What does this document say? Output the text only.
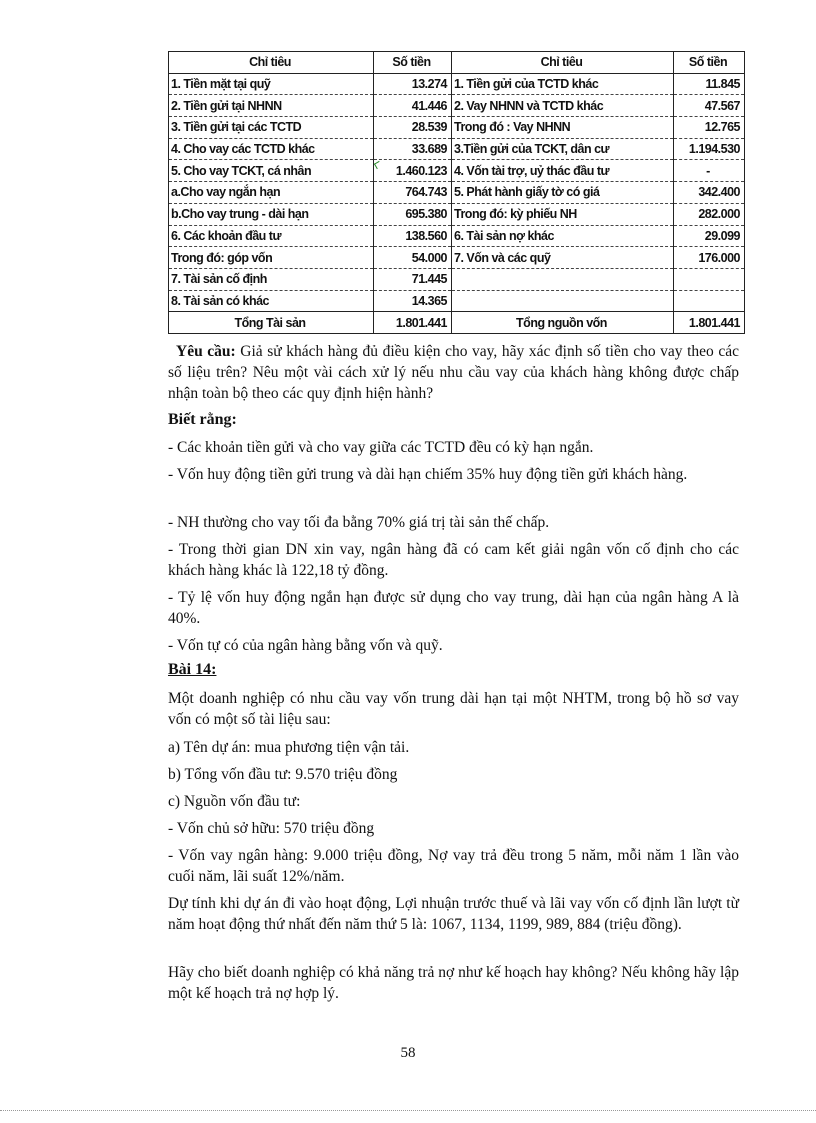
Chỉ tiêu	Số tiền	Chỉ tiêu	Số tiền
1. Tiền mặt tại quỹ	13.274	1. Tiền gửi của TCTD khác	11.845
2. Tiền gửi tại NHNN	41.446	2. Vay NHNN và TCTD khác	47.567
3. Tiền gửi tại các TCTD	28.539	Trong đó : Vay NHNN	12.765
4. Cho vay các TCTD khác	33.689	3.Tiền gửi của TCKT, dân cư	1.194.530
5. Cho vay TCKT, cá nhân	1.460.123	4. Vốn tài trợ, uỷ thác đầu tư	-
a.Cho vay ngắn hạn	764.743	5. Phát hành giấy tờ có giá	342.400
b.Cho vay trung - dài hạn	695.380	Trong đó: kỳ phiếu NH	282.000
6. Các khoản đầu tư	138.560	6. Tài sản nợ khác	29.099
Trong đó: góp vốn	54.000	7. Vốn và các quỹ	176.000
7. Tài sản cố định	71.445		
8. Tài sản có khác	14.365		
Tổng Tài sản	1.801.441	Tổng nguồn vốn	1.801.441

Yêu cầu: Giả sử khách hàng đủ điều kiện cho vay, hãy xác định số tiền cho vay theo các số liệu trên? Nêu một vài cách xử lý nếu nhu cầu vay của khách hàng không được chấp nhận toàn bộ theo các quy định hiện hành?

Biết rằng:
- Các khoản tiền gửi và cho vay giữa các TCTD đều có kỳ hạn ngắn.
- Vốn huy động tiền gửi trung và dài hạn chiếm 35% huy động tiền gửi khách hàng.
- NH thường cho vay tối đa bằng 70% giá trị tài sản thế chấp.
- Trong thời gian DN xin vay, ngân hàng đã có cam kết giải ngân vốn cố định cho các khách hàng khác là 122,18 tỷ đồng.
- Tỷ lệ vốn huy động ngắn hạn được sử dụng cho vay trung, dài hạn của ngân hàng A là 40%.
- Vốn tự có của ngân hàng bằng vốn và quỹ.
Bài 14:
Một doanh nghiệp có nhu cầu vay vốn trung dài hạn tại một NHTM, trong bộ hồ sơ vay vốn có một số tài liệu sau:
a) Tên dự án: mua phương tiện vận tải.
b) Tổng vốn đầu tư: 9.570 triệu đồng
c) Nguồn vốn đầu tư:
- Vốn chủ sở hữu: 570 triệu đồng
- Vốn vay ngân hàng: 9.000 triệu đồng, Nợ vay trả đều trong 5 năm, mỗi năm 1 lần vào cuối năm, lãi suất 12%/năm.
Dự tính khi dự án đi vào hoạt động, Lợi nhuận trước thuế và lãi vay vốn cố định lần lượt từ năm hoạt động thứ nhất đến năm thứ 5 là: 1067, 1134, 1199, 989, 884 (triệu đồng).
Hãy cho biết doanh nghiệp có khả năng trả nợ như kế hoạch hay không? Nếu không hãy lập một kế hoạch trả nợ hợp lý.
58
